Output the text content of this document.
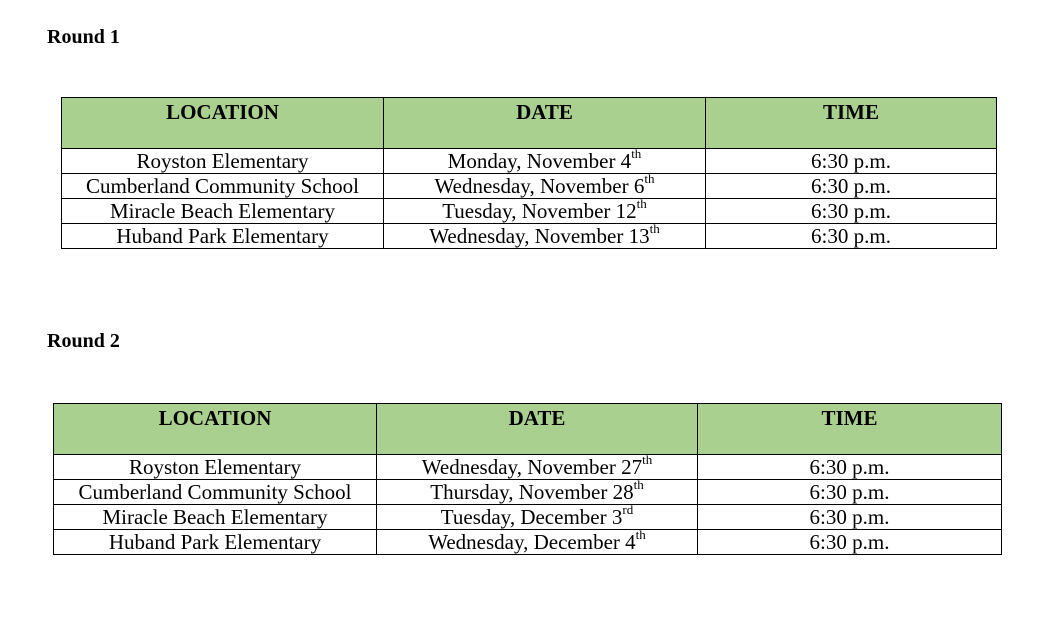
Round 1
LOCATION	DATE	TIME
Royston Elementary	Monday, November 4th	6:30 p.m.
Cumberland Community School	Wednesday, November 6th	6:30 p.m.
Miracle Beach Elementary	Tuesday, November 12th	6:30 p.m.
Huband Park Elementary	Wednesday, November 13th	6:30 p.m.
Round 2
LOCATION	DATE	TIME
Royston Elementary	Wednesday, November 27th	6:30 p.m.
Cumberland Community School	Thursday, November 28th	6:30 p.m.
Miracle Beach Elementary	Tuesday, December 3rd	6:30 p.m.
Huband Park Elementary	Wednesday, December 4th	6:30 p.m.
